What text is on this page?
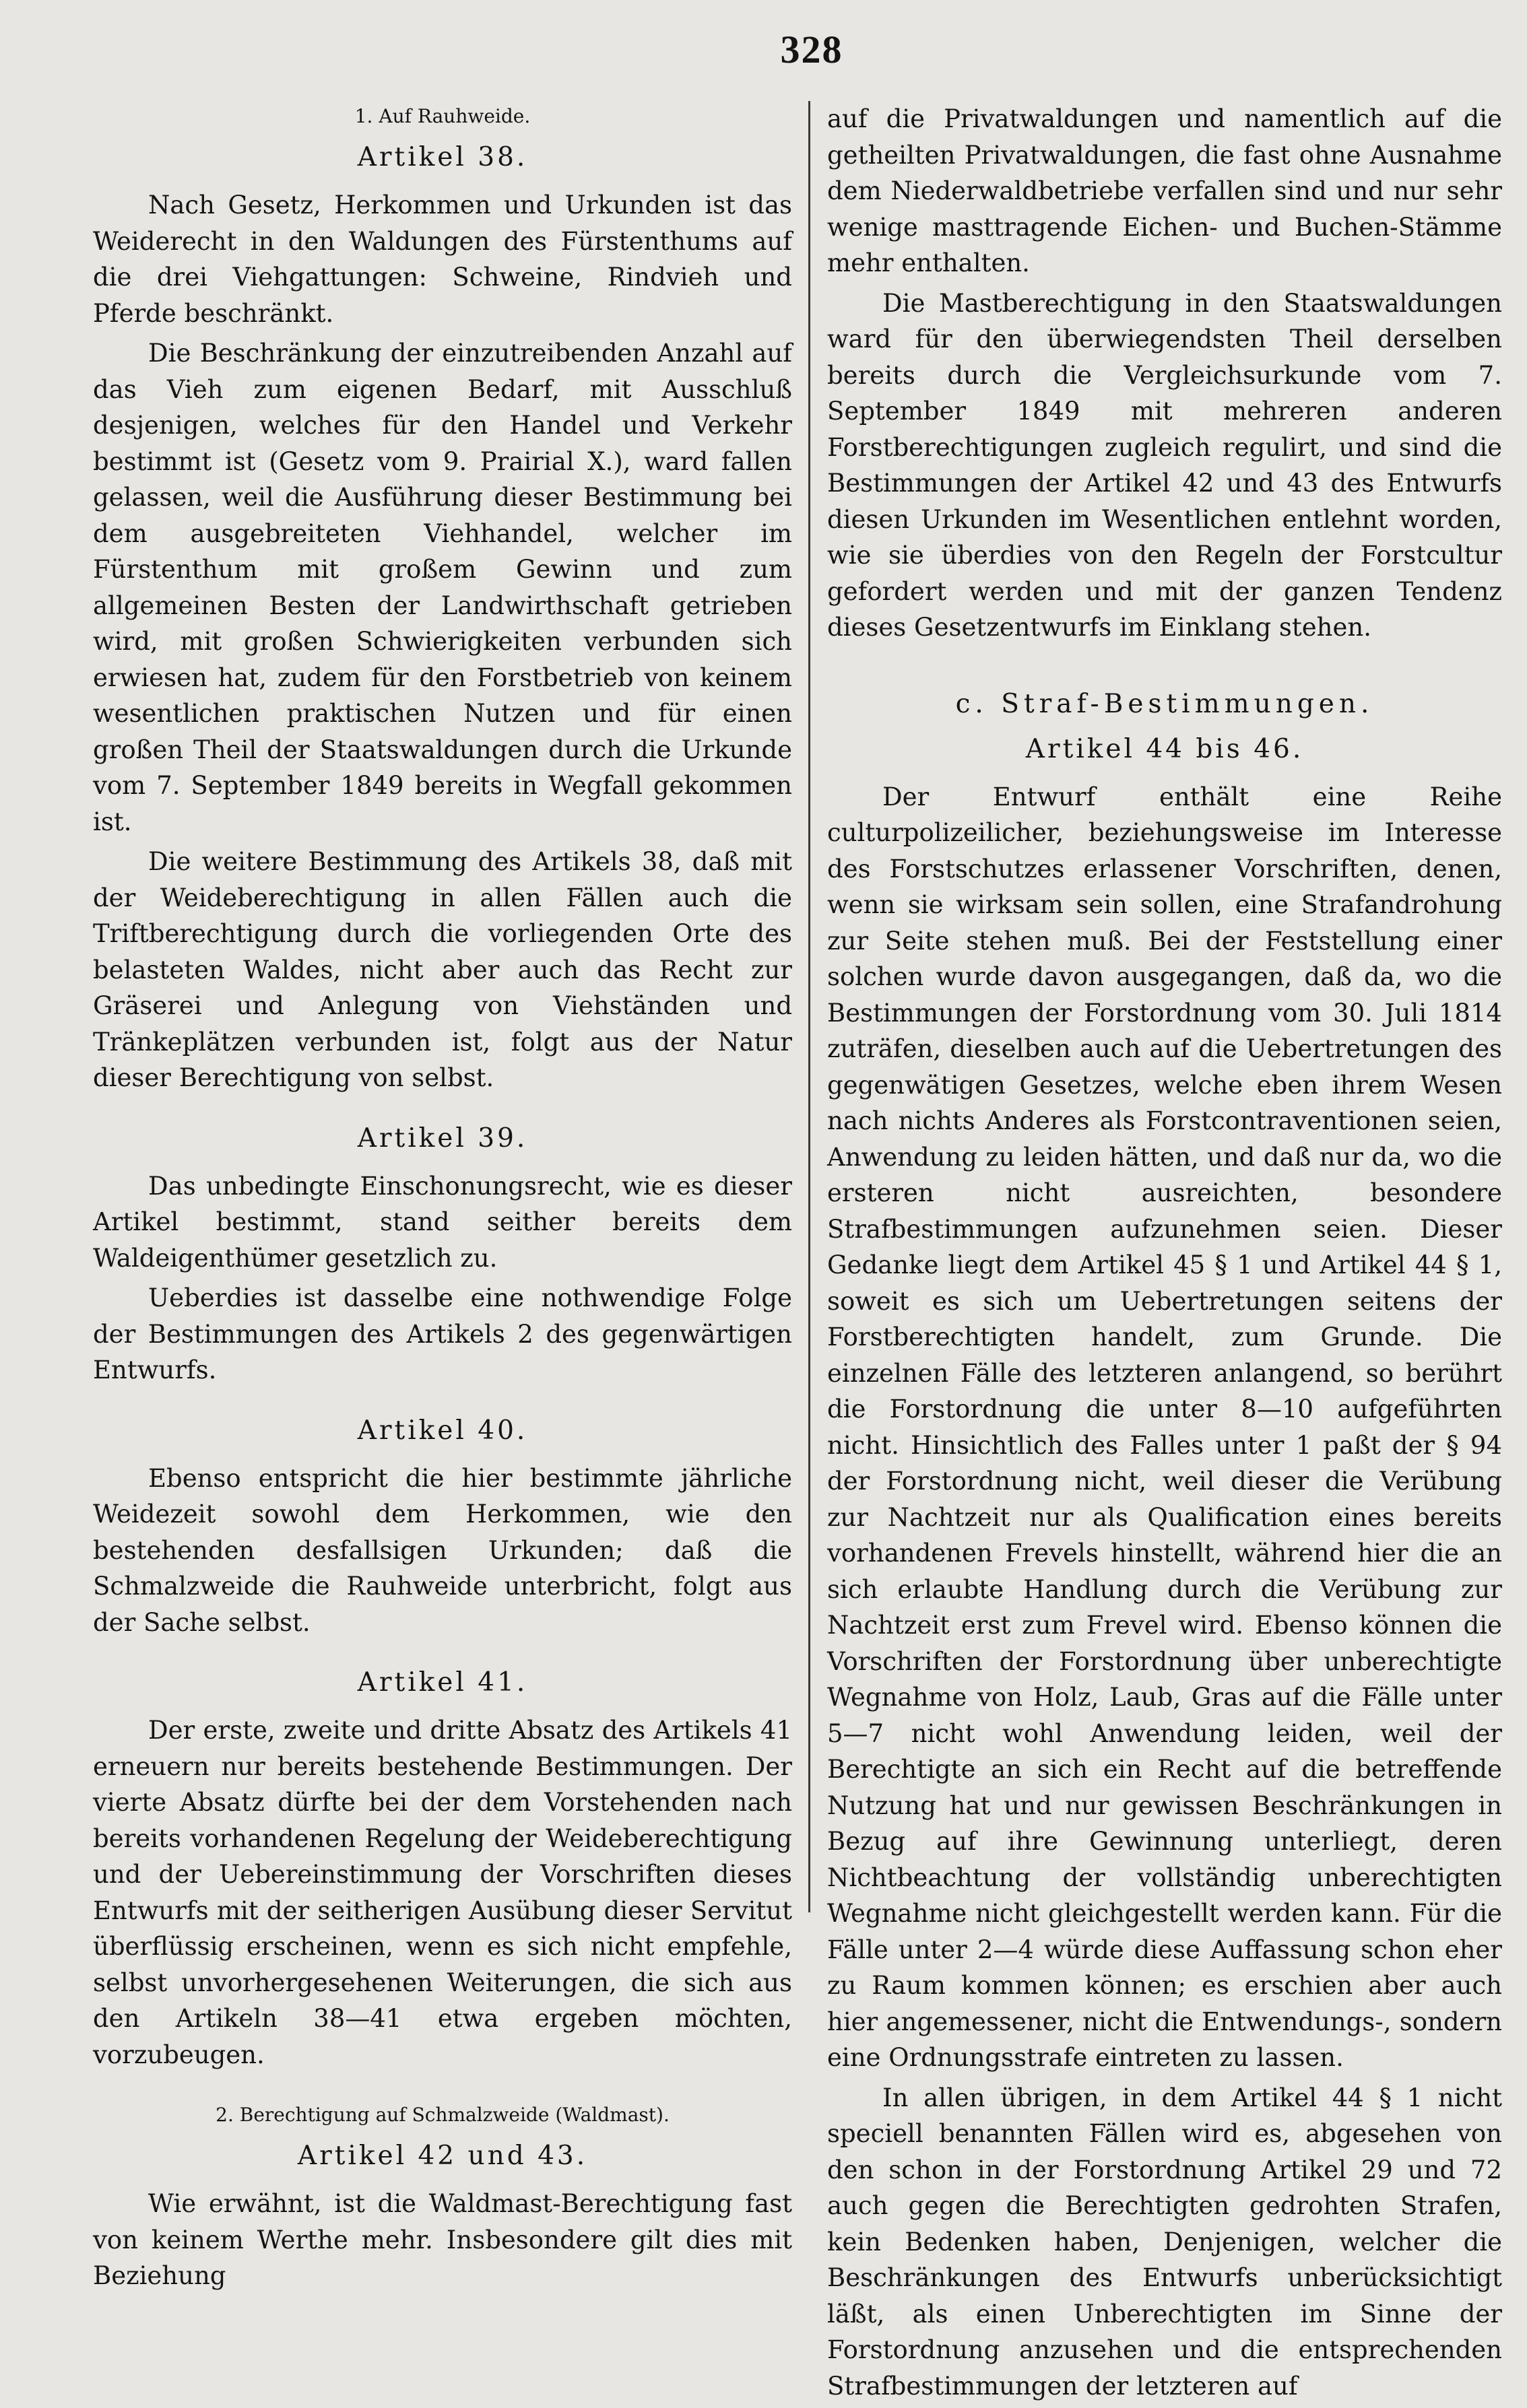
328
1. Auf Rauhweide.
Artikel 38.

Nach Gesetz, Herkommen und Urkunden ist das Weiderecht in den Waldungen des Fürstenthums auf die drei Viehgattungen: Schweine, Rindvieh und Pferde beschränkt.

Die Beschränkung der einzutreibenden Anzahl auf das Vieh zum eigenen Bedarf, mit Ausschluß desjenigen, welches für den Handel und Verkehr bestimmt ist (Gesetz vom 9. Prairial X.), ward fallen gelassen, weil die Ausführung dieser Bestimmung bei dem ausgebreiteten Viehhandel, welcher im Fürstenthum mit großem Gewinn und zum allgemeinen Besten der Landwirthschaft getrieben wird, mit großen Schwierigkeiten verbunden sich erwiesen hat, zudem für den Forstbetrieb von keinem wesentlichen praktischen Nutzen und für einen großen Theil der Staatswaldungen durch die Urkunde vom 7. September 1849 bereits in Wegfall gekommen ist.

Die weitere Bestimmung des Artikels 38, daß mit der Weideberechtigung in allen Fällen auch die Triftberechtigung durch die vorliegenden Orte des belasteten Waldes, nicht aber auch das Recht zur Gräserei und Anlegung von Viehständen und Tränkeplätzen verbunden ist, folgt aus der Natur dieser Berechtigung von selbst.

Artikel 39.

Das unbedingte Einschonungsrecht, wie es dieser Artikel bestimmt, stand seither bereits dem Waldeigenthümer gesetzlich zu.

Ueberdies ist dasselbe eine nothwendige Folge der Bestimmungen des Artikels 2 des gegenwärtigen Entwurfs.

Artikel 40.

Ebenso entspricht die hier bestimmte jährliche Weidezeit sowohl dem Herkommen, wie den bestehenden desfallsigen Urkunden; daß die Schmalzweide die Rauhweide unterbricht, folgt aus der Sache selbst.

Artikel 41.

Der erste, zweite und dritte Absatz des Artikels 41 erneuern nur bereits bestehende Bestimmungen. Der vierte Absatz dürfte bei der dem Vorstehenden nach bereits vorhandenen Regelung der Weideberechtigung und der Uebereinstimmung der Vorschriften dieses Entwurfs mit der seitherigen Ausübung dieser Servitut überflüssig erscheinen, wenn es sich nicht empfehle, selbst unvorhergesehenen Weiterungen, die sich aus den Artikeln 38—41 etwa ergeben möchten, vorzubeugen.

2. Berechtigung auf Schmalzweide (Waldmast).
Artikel 42 und 43.

Wie erwähnt, ist die Waldmast-Berechtigung fast von keinem Werthe mehr. Insbesondere gilt dies mit Beziehung

auf die Privatwaldungen und namentlich auf die getheilten Privatwaldungen, die fast ohne Ausnahme dem Niederwaldbetriebe verfallen sind und nur sehr wenige masttragende Eichen- und Buchen-Stämme mehr enthalten.

Die Mastberechtigung in den Staatswaldungen ward für den überwiegendsten Theil derselben bereits durch die Vergleichsurkunde vom 7. September 1849 mit mehreren anderen Forstberechtigungen zugleich regulirt, und sind die Bestimmungen der Artikel 42 und 43 des Entwurfs diesen Urkunden im Wesentlichen entlehnt worden, wie sie überdies von den Regeln der Forstcultur gefordert werden und mit der ganzen Tendenz dieses Gesetzentwurfs im Einklang stehen.

c. Straf-Bestimmungen.
Artikel 44 bis 46.

Der Entwurf enthält eine Reihe culturpolizeilicher, beziehungsweise im Interesse des Forstschutzes erlassener Vorschriften, denen, wenn sie wirksam sein sollen, eine Strafandrohung zur Seite stehen muß. Bei der Feststellung einer solchen wurde davon ausgegangen, daß da, wo die Bestimmungen der Forstordnung vom 30. Juli 1814 zuträfen, dieselben auch auf die Uebertretungen des gegenwätigen Gesetzes, welche eben ihrem Wesen nach nichts Anderes als Forstcontraventionen seien, Anwendung zu leiden hätten, und daß nur da, wo die ersteren nicht ausreichten, besondere Strafbestimmungen aufzunehmen seien. Dieser Gedanke liegt dem Artikel 45 § 1 und Artikel 44 § 1, soweit es sich um Uebertretungen seitens der Forstberechtigten handelt, zum Grunde. Die einzelnen Fälle des letzteren anlangend, so berührt die Forstordnung die unter 8—10 aufgeführten nicht. Hinsichtlich des Falles unter 1 paßt der § 94 der Forstordnung nicht, weil dieser die Verübung zur Nachtzeit nur als Qualification eines bereits vorhandenen Frevels hinstellt, während hier die an sich erlaubte Handlung durch die Verübung zur Nachtzeit erst zum Frevel wird. Ebenso können die Vorschriften der Forstordnung über unberechtigte Wegnahme von Holz, Laub, Gras auf die Fälle unter 5—7 nicht wohl Anwendung leiden, weil der Berechtigte an sich ein Recht auf die betreffende Nutzung hat und nur gewissen Beschränkungen in Bezug auf ihre Gewinnung unterliegt, deren Nichtbeachtung der vollständig unberechtigten Wegnahme nicht gleichgestellt werden kann. Für die Fälle unter 2—4 würde diese Auffassung schon eher zu Raum kommen können; es erschien aber auch hier angemessener, nicht die Entwendungs-, sondern eine Ordnungsstrafe eintreten zu lassen.

In allen übrigen, in dem Artikel 44 § 1 nicht speciell benannten Fällen wird es, abgesehen von den schon in der Forstordnung Artikel 29 und 72 auch gegen die Berechtigten gedrohten Strafen, kein Bedenken haben, Denjenigen, welcher die Beschränkungen des Entwurfs unberücksichtigt läßt, als einen Unberechtigten im Sinne der Forstordnung anzusehen und die entsprechenden Strafbestimmungen der letzteren auf
